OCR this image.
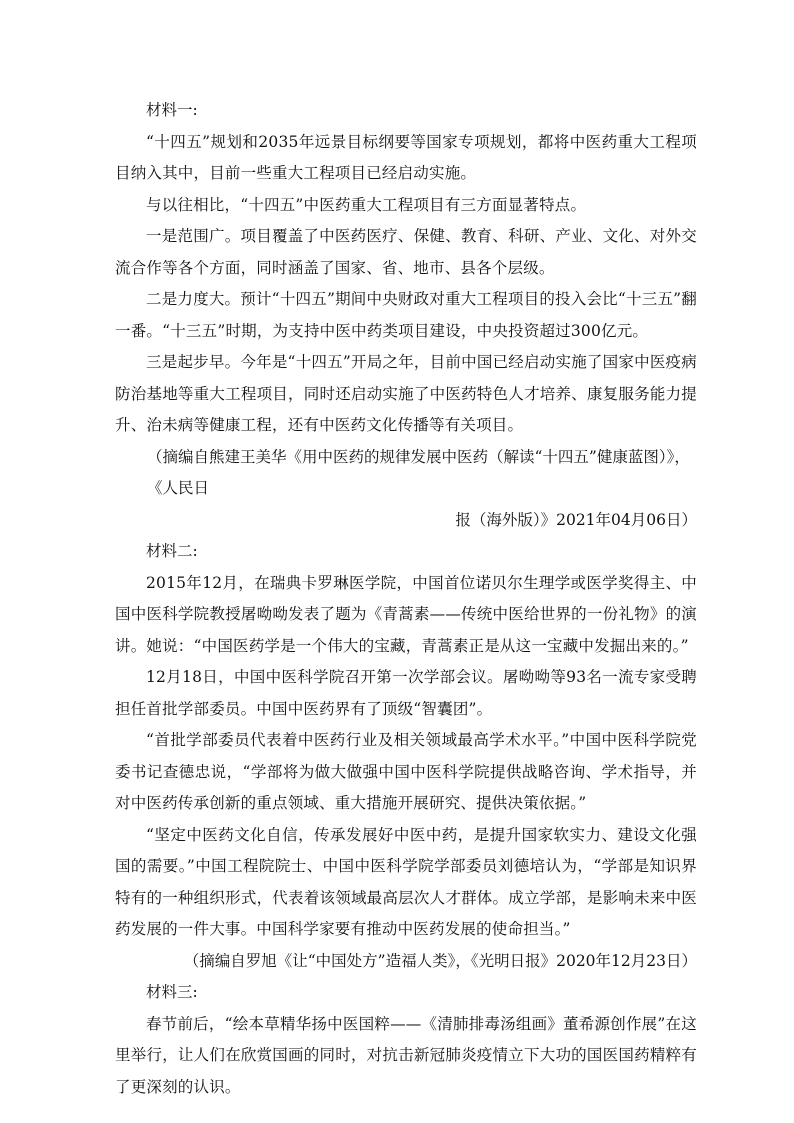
材料一:

“十四五”规划和2035年远景目标纲要等国家专项规划，都将中医药重大工程项目纳入其中，目前一些重大工程项目已经启动实施。

与以往相比，“十四五”中医药重大工程项目有三方面显著特点。

一是范围广。项目覆盖了中医药医疗、保健、教育、科研、产业、文化、对外交流合作等各个方面，同时涵盖了国家、省、地市、县各个层级。

二是力度大。预计“十四五”期间中央财政对重大工程项目的投入会比“十三五”翻一番。“十三五”时期，为支持中医中药类项目建设，中央投资超过300亿元。

三是起步早。今年是“十四五”开局之年，目前中国已经启动实施了国家中医疫病防治基地等重大工程项目，同时还启动实施了中医药特色人才培养、康复服务能力提升、治未病等健康工程，还有中医药文化传播等有关项目。

（摘编自熊建王美华《用中医药的规律发展中医药（解读“十四五”健康蓝图）》，《人民日
报（海外版）》2021年04月06日）

材料二:

2015年12月，在瑞典卡罗琳医学院，中国首位诺贝尔生理学或医学奖得主、中国中医科学院教授屠呦呦发表了题为《青蒿素——传统中医给世界的一份礼物》的演讲。她说：“中国医药学是一个伟大的宝藏，青蒿素正是从这一宝藏中发掘出来的。”

12月18日，中国中医科学院召开第一次学部会议。屠呦呦等93名一流专家受聘担任首批学部委员。中国中医药界有了顶级“智囊团”。

“首批学部委员代表着中医药行业及相关领域最高学术水平。”中国中医科学院党委书记查德忠说，“学部将为做大做强中国中医科学院提供战略咨询、学术指导，并对中医药传承创新的重点领域、重大措施开展研究、提供决策依据。”

“坚定中医药文化自信，传承发展好中医中药，是提升国家软实力、建设文化强国的需要。”中国工程院院士、中国中医科学院学部委员刘德培认为，“学部是知识界特有的一种组织形式，代表着该领域最高层次人才群体。成立学部，是影响未来中医药发展的一件大事。中国科学家要有推动中医药发展的使命担当。”

（摘编自罗旭《让“中国处方”造福人类》，《光明日报》2020年12月23日）

材料三:

春节前后，“绘本草精华扬中医国粹——《清肺排毒汤组画》董希源创作展”在这里举行，让人们在欣赏国画的同时，对抗击新冠肺炎疫情立下大功的国医国药精粹有了更深刻的认识。
